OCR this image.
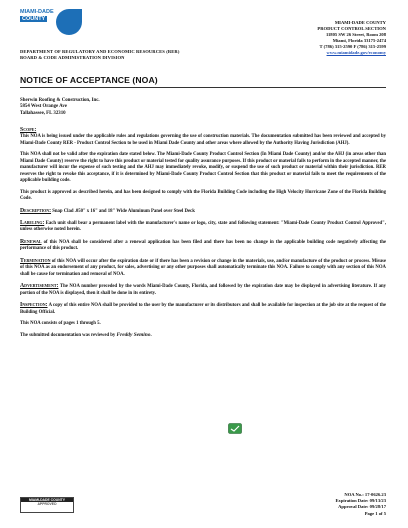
MIAMI-DADE
COUNTY
DEPARTMENT OF REGULATORY AND ECONOMIC RESOURCES (RER)
BOARD & CODE ADMINISTRATION DIVISION
MIAMI-DADE COUNTY
PRODUCT CONTROL SECTION
11805 SW 26 Street, Room 208
Miami, Florida 33175-2474
T (786) 315-2590 F (786) 315-2599
www.miamidade.gov/economy
NOTICE OF ACCEPTANCE (NOA)
Sherwin Roofing & Construction, Inc.
5854 West Orange Ave
Tallahassee, FL 32310

Scope:
This NOA is being issued under the applicable rules and regulations governing the use of construction materials. The documentation submitted has been reviewed and accepted by Miami-Dade County RER - Product Control Section to be used in Miami Dade County and other areas where allowed by the Authority Having Jurisdiction (AHJ).

This NOA shall not be valid after the expiration date stated below. The Miami-Dade County Product Control Section (In Miami Dade County) and/or the AHJ (in areas other than Miami Dade County) reserve the right to have this product or material tested for quality assurance purposes. If this product or material fails to perform in the accepted manner, the manufacturer will incur the expense of such testing and the AHJ may immediately revoke, modify, or suspend the use of such product or material within their jurisdiction. RER reserves the right to revoke this acceptance, if it is determined by Miami-Dade County Product Control Section that this product or material fails to meet the requirements of the applicable building code.

This product is approved as described herein, and has been designed to comply with the Florida Building Code including the High Velocity Hurricane Zone of the Florida Building Code.

Description: Snap Clad .050" x 16" and 18" Wide Aluminum Panel over Steel Deck

Labeling: Each unit shall bear a permanent label with the manufacturer's name or logo, city, state and following statement: "Miami-Dade County Product Control Approved", unless otherwise noted herein.

Renewal of this NOA shall be considered after a renewal application has been filed and there has been no change in the applicable building code negatively affecting the performance of this product.

Termination of this NOA will occur after the expiration date or if there has been a revision or change in the materials, use, and/or manufacture of the product or process. Misuse of this NOA as an endorsement of any product, for sales, advertising or any other purposes shall automatically terminate this NOA. Failure to comply with any section of this NOA shall be cause for termination and removal of NOA.

Advertisement: The NOA number preceded by the words Miami-Dade County, Florida, and followed by the expiration date may be displayed in advertising literature. If any portion of the NOA is displayed, then it shall be done in its entirety.

Inspection: A copy of this entire NOA shall be provided to the user by the manufacturer or its distributors and shall be available for inspection at the job site at the request of the Building Official.

This NOA consists of pages 1 through 5.

The submitted documentation was reviewed by Freddy Semino.

MIAMI-DADE COUNTY
APPROVED
NOA No.: 17-0626.23
Expiration Date: 09/13/23
Approval Date: 09/28/17
Page 1 of 5
